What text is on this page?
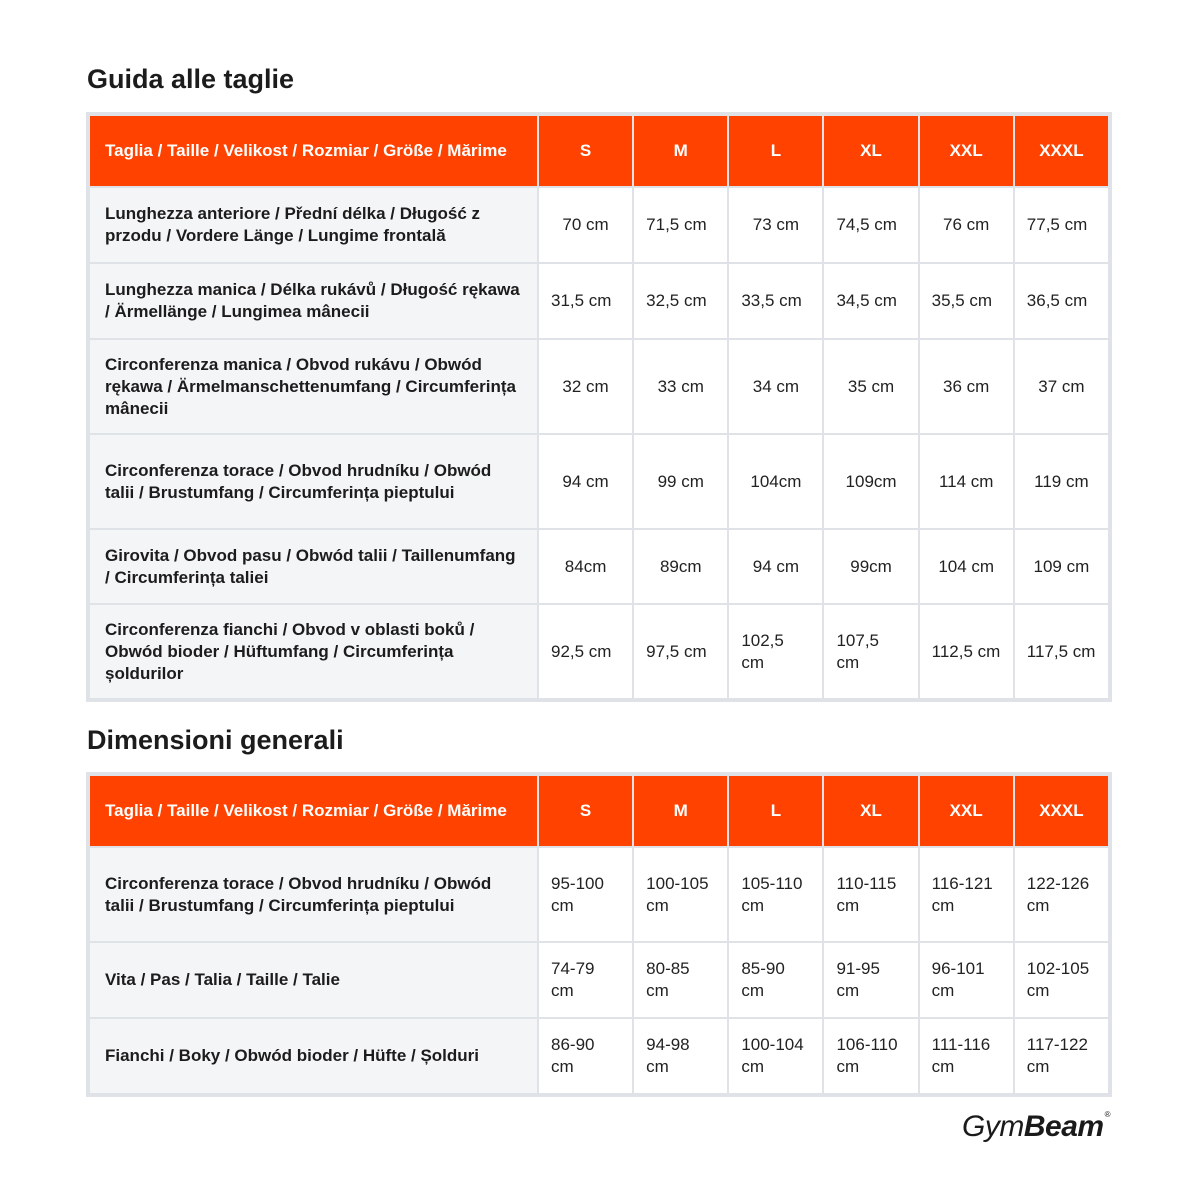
Guida alle taglie
Taglia / Taille / Velikost / Rozmiar / Größe / Mărime	S	M	L	XL	XXL	XXXL
Lunghezza anteriore / Přední délka / Długość z przodu / Vordere Länge / Lungime frontală	70 cm	71,5 cm	73 cm	74,5 cm	76 cm	77,5 cm
Lunghezza manica / Délka rukávů / Długość rękawa / Ärmellänge / Lungimea mânecii	31,5 cm	32,5 cm	33,5 cm	34,5 cm	35,5 cm	36,5 cm
Circonferenza manica / Obvod rukávu / Obwód rękawa / Ärmelmanschettenumfang / Circumferința mânecii	32 cm	33 cm	34 cm	35 cm	36 cm	37 cm
Circonferenza torace / Obvod hrudníku / Obwód talii / Brustumfang / Circumferința pieptului	94 cm	99 cm	104cm	109cm	114 cm	119 cm
Girovita / Obvod pasu / Obwód talii / Taillenumfang / Circumferința taliei	84cm	89cm	94 cm	99cm	104 cm	109 cm
Circonferenza fianchi / Obvod v oblasti boků / Obwód bioder / Hüftumfang / Circumferința șoldurilor	92,5 cm	97,5 cm	102,5 cm	107,5 cm	112,5 cm	117,5 cm
Dimensioni generali
Taglia / Taille / Velikost / Rozmiar / Größe / Mărime	S	M	L	XL	XXL	XXXL
Circonferenza torace / Obvod hrudníku / Obwód talii / Brustumfang / Circumferința pieptului	95-100 cm	100-105 cm	105-110 cm	110-115 cm	116-121 cm	122-126 cm
Vita / Pas / Talia / Taille / Talie	74-79 cm	80-85 cm	85-90 cm	91-95 cm	96-101 cm	102-105 cm
Fianchi / Boky / Obwód bioder / Hüfte / Șolduri	86-90 cm	94-98 cm	100-104 cm	106-110 cm	111-116 cm	117-122 cm
GymBeam®
